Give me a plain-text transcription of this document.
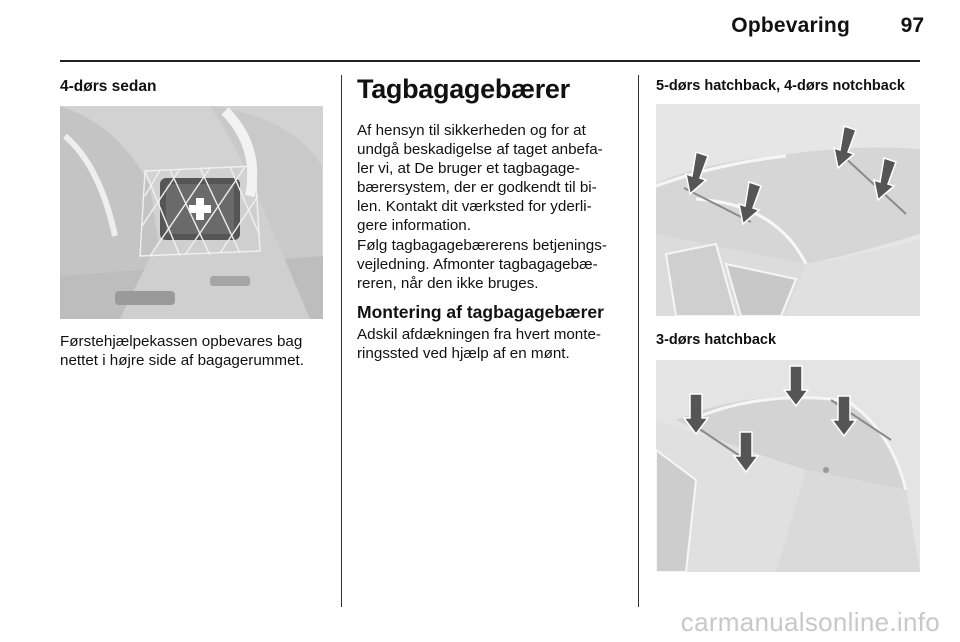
Opbevaring	97
4-dørs sedan
Førstehjælpekassen opbevares bag
nettet i højre side af bagagerummet.
Tagbagagebærer
Af hensyn til sikkerheden og for at
undgå beskadigelse af taget anbefa-
ler vi, at De bruger et tagbagage-
bærersystem, der er godkendt til bi-
len. Kontakt dit værksted for yderli-
gere information.
Følg tagbagagebærerens betjenings-
vejledning. Afmonter tagbagagebæ-
reren, når den ikke bruges.
Montering af tagbagagebærer
Adskil afdækningen fra hvert monte-
ringssted ved hjælp af en mønt.
5-dørs hatchback, 4-dørs notchback
3-dørs hatchback
carmanualsonline.info
